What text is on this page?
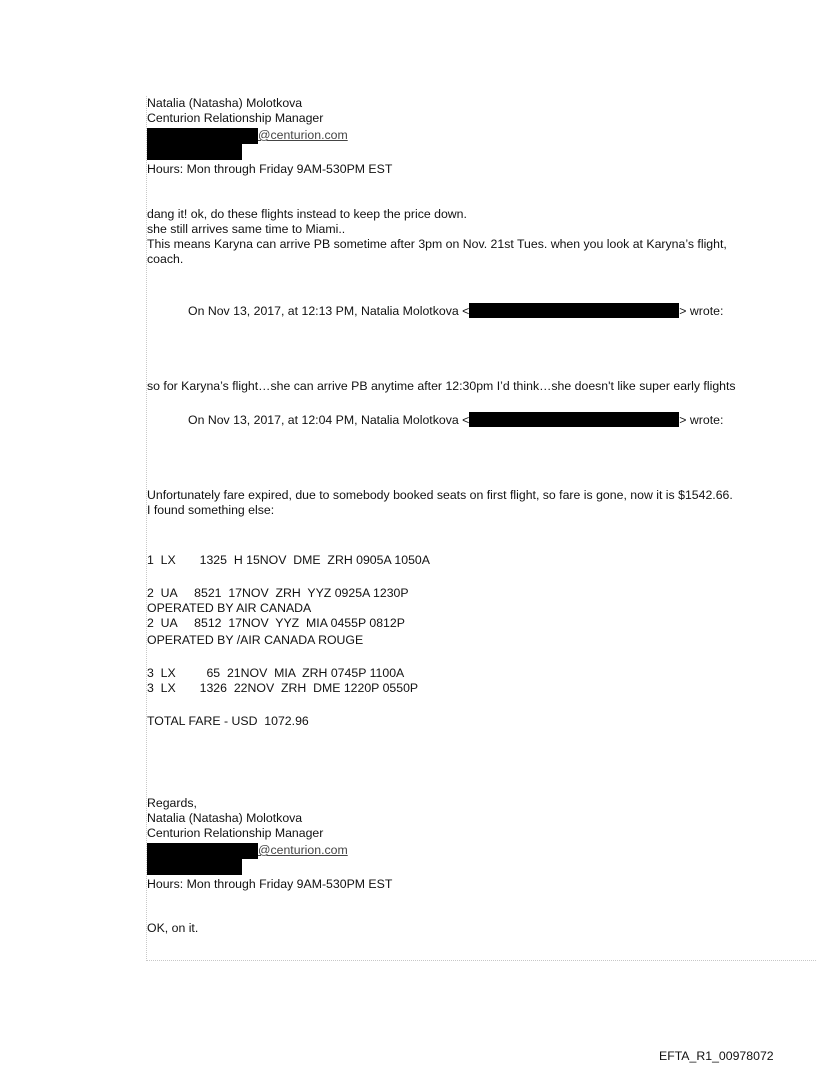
Natalia (Natasha) Molotkova
Centurion Relationship Manager
@centurion.com
Hours: Mon through Friday 9AM-530PM EST
dang it! ok, do these flights instead to keep the price down.
she still arrives same time to Miami..
This means Karyna can arrive PB sometime after 3pm on Nov. 21st Tues. when you look at Karyna’s flight,
coach.
On Nov 13, 2017, at 12:13 PM, Natalia Molotkova <	> wrote:
so for Karyna’s flight…she can arrive PB anytime after 12:30pm I’d think…she doesn't like super early flights
On Nov 13, 2017, at 12:04 PM, Natalia Molotkova <	> wrote:
Unfortunately fare expired, due to somebody booked seats on first flight, so fare is gone, now it is $1542.66.
I found something else:
1  LX       1325  H 15NOV  DME  ZRH 0905A 1050A
2  UA     8521  17NOV  ZRH  YYZ 0925A 1230P
OPERATED BY AIR CANADA
2  UA     8512  17NOV  YYZ  MIA 0455P 0812P
OPERATED BY /AIR CANADA ROUGE
3  LX         65  21NOV  MIA  ZRH 0745P 1100A
3  LX       1326  22NOV  ZRH  DME 1220P 0550P
TOTAL FARE - USD  1072.96
Regards,
Natalia (Natasha) Molotkova
Centurion Relationship Manager
@centurion.com
Hours: Mon through Friday 9AM-530PM EST
OK, on it.
EFTA_R1_00978072
